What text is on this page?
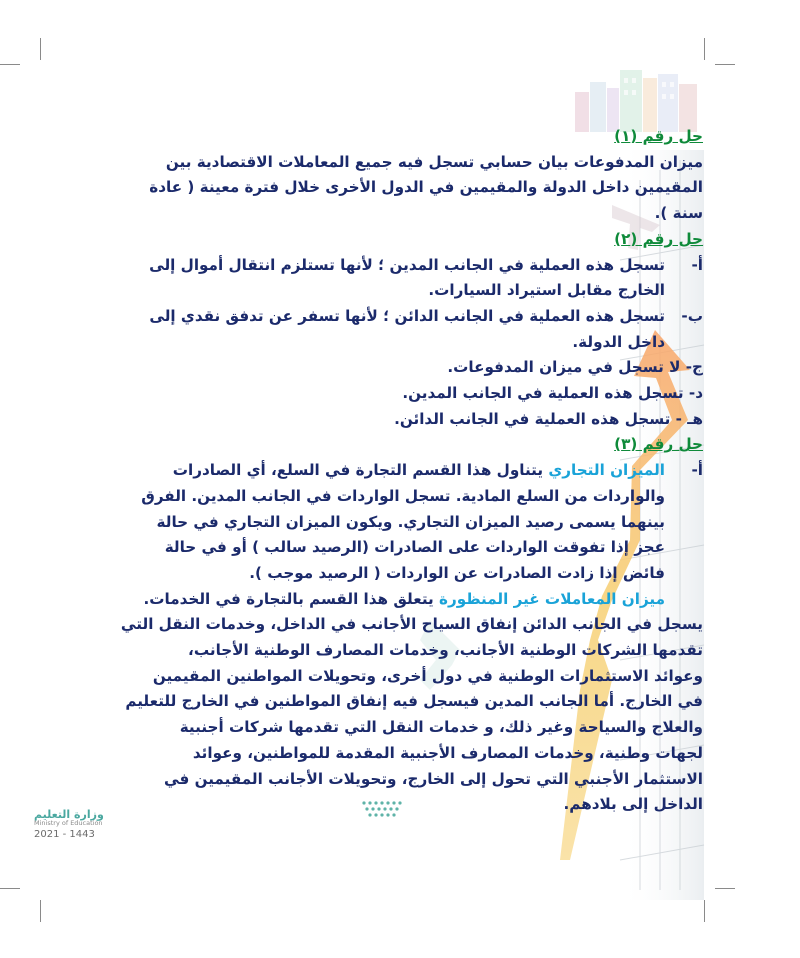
حل رقم (١)
ميزان المدفوعات بيان حسابي تسجل فيه جميع المعاملات الاقتصادية بين
المقيمين داخل الدولة والمقيمين في الدول الأخرى خلال فترة معينة ( عادة
سنة ).
حل رقم (٢)
أ-
تسجل هذه العملية في الجانب المدين ؛ لأنها تستلزم انتقال أموال إلى
الخارج مقابل استيراد السيارات.
ب-
تسجل هذه العملية في الجانب الدائن ؛ لأنها تسفر عن تدفق نقدي إلى
داخل الدولة.
ج- لا تسجل في ميزان المدفوعات.
د- تسجل هذه العملية في الجانب المدين.
هـ - تسجل هذه العملية في الجانب الدائن.
حل رقم (٣)
أ-
الميزان التجاري يتناول هذا القسم التجارة في السلع، أي الصادرات
والواردات من السلع المادية. تسجل الواردات في الجانب المدين. الفرق
بينهما يسمى رصيد الميزان التجاري. ويكون الميزان التجاري في حالة
عجز إذا تفوقت الواردات على الصادرات (الرصيد سالب ) أو في حالة
فائض إذا زادت الصادرات عن الواردات ( الرصيد موجب ).
ميزان المعاملات غير المنظورة يتعلق هذا القسم بالتجارة في الخدمات.
يسجل في الجانب الدائن إنفاق السياح الأجانب في الداخل، وخدمات النقل التي
تقدمها الشركات الوطنية الأجانب، وخدمات المصارف الوطنية الأجانب،
وعوائد الاستثمارات الوطنية في دول أخرى، وتحويلات المواطنين المقيمين
في الخارج. أما الجانب المدين فيسجل فيه إنفاق المواطنين في الخارج للتعليم
والعلاج والسياحة وغير ذلك، و خدمات النقل التي تقدمها شركات أجنبية
لجهات وطنية، وخدمات المصارف الأجنبية المقدمة للمواطنين، وعوائد
الاستثمار الأجنبي التي تحول إلى الخارج، وتحويلات الأجانب المقيمين في
الداخل إلى بلادهم.
وزارة التعليم
Ministry of Education
2021 - 1443
